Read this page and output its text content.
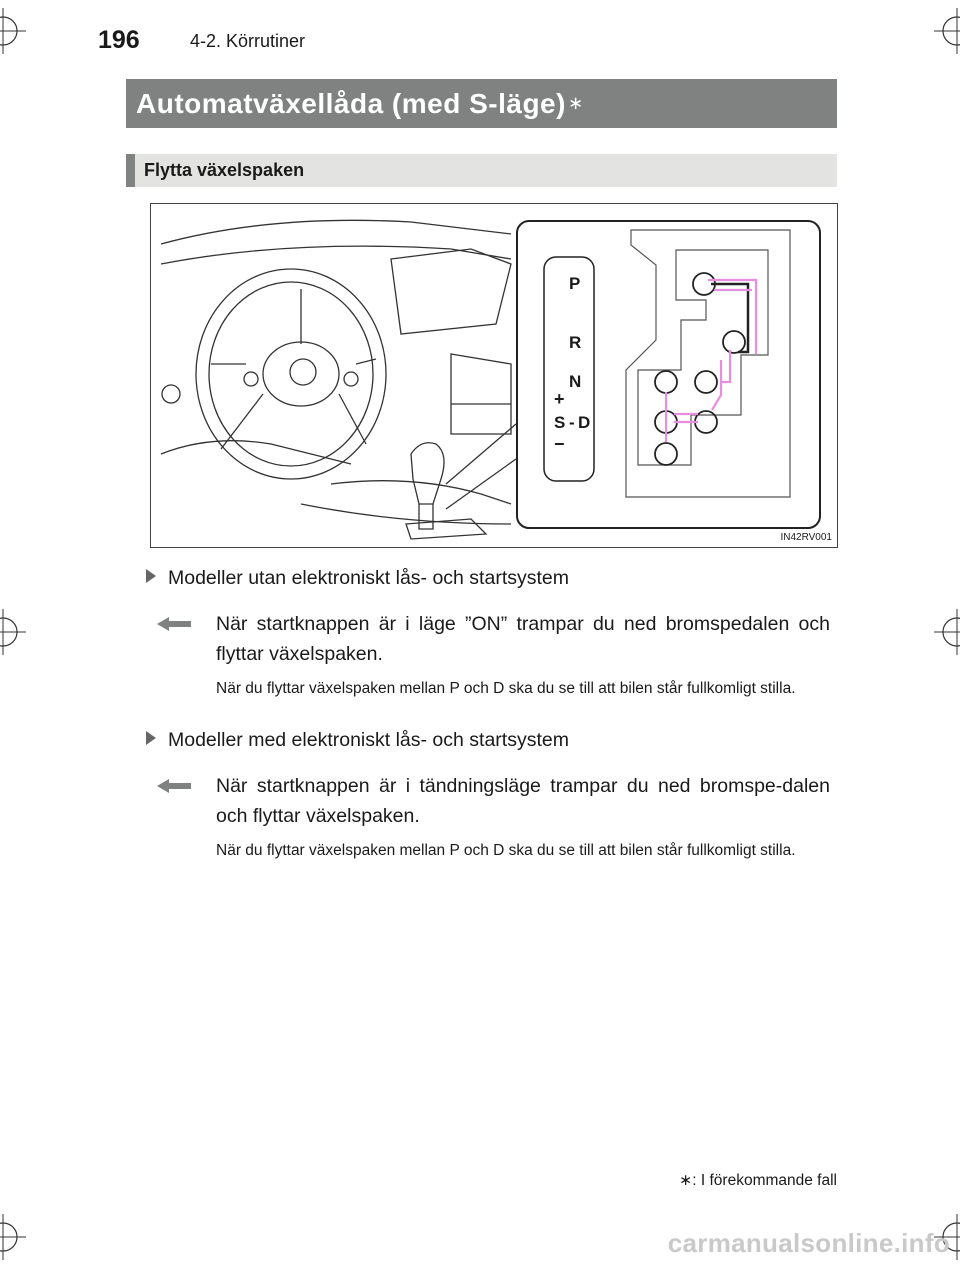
196	4-2. Körrutiner
Automatväxellåda (med S-läge) ∗
Flytta växelspaken
P
R
N
+
S - D
−
IN42RV001
Modeller utan elektroniskt lås- och startsystem
När startknappen är i läge ”ON” trampar du ned bromspedalen och flyttar växelspaken.
När du flyttar växelspaken mellan P och D ska du se till att bilen står fullkomligt stilla.
Modeller med elektroniskt lås- och startsystem
När startknappen är i tändningsläge trampar du ned bromspe-dalen och flyttar växelspaken.
När du flyttar växelspaken mellan P och D ska du se till att bilen står fullkomligt stilla.
∗: I förekommande fall
carmanualsonline.info
